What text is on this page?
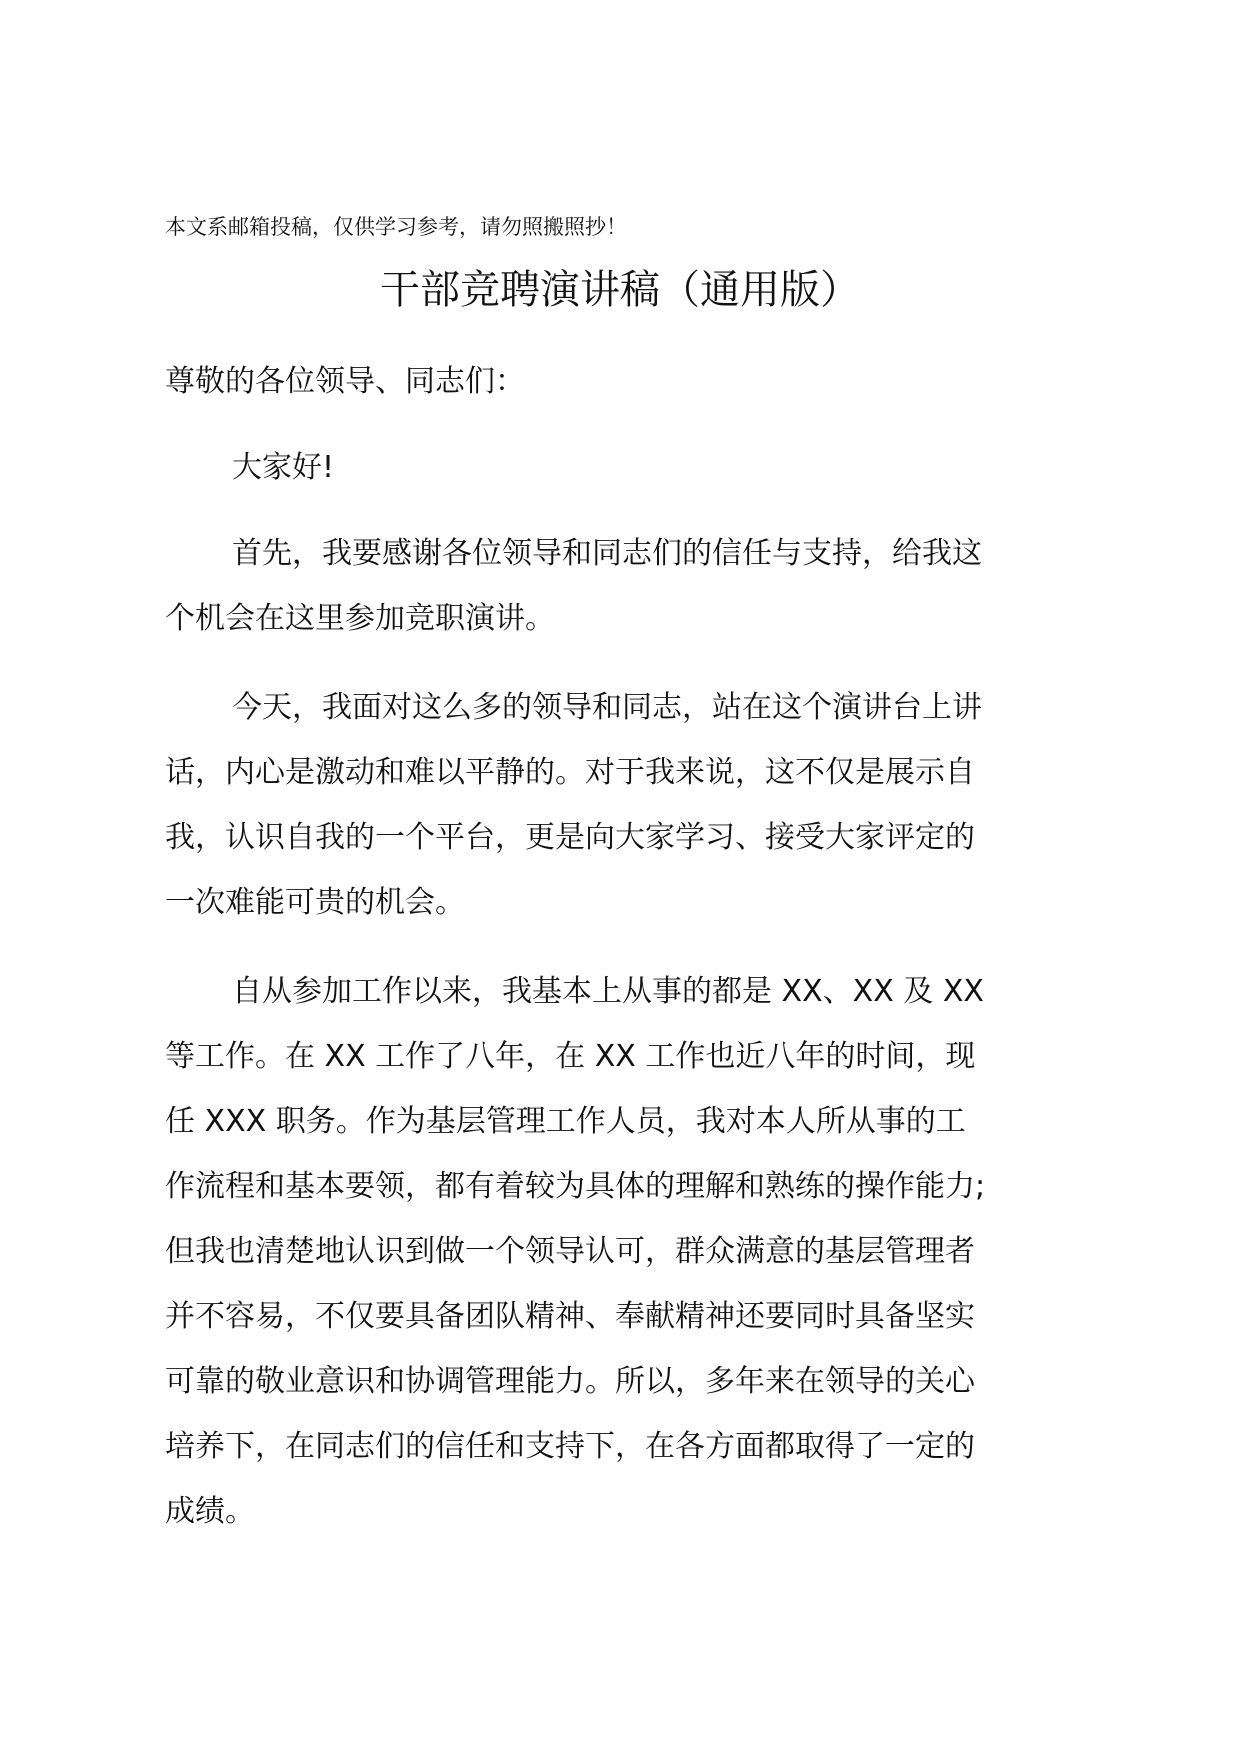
本文系邮箱投稿，仅供学习参考，请勿照搬照抄！
干部竞聘演讲稿（通用版）
尊敬的各位领导、同志们：
大家好!
首先，我要感谢各位领导和同志们的信任与支持，给我这
个机会在这里参加竞职演讲。
今天，我面对这么多的领导和同志，站在这个演讲台上讲
话，内心是激动和难以平静的。对于我来说，这不仅是展示自
我，认识自我的一个平台，更是向大家学习、接受大家评定的
一次难能可贵的机会。
自从参加工作以来，我基本上从事的都是 XX、XX 及 XX
等工作。在 XX 工作了八年，在 XX 工作也近八年的时间，现
任 XXX 职务。作为基层管理工作人员，我对本人所从事的工
作流程和基本要领，都有着较为具体的理解和熟练的操作能力;
但我也清楚地认识到做一个领导认可，群众满意的基层管理者
并不容易，不仅要具备团队精神、奉献精神还要同时具备坚实
可靠的敬业意识和协调管理能力。所以，多年来在领导的关心
培养下，在同志们的信任和支持下，在各方面都取得了一定的
成绩。
